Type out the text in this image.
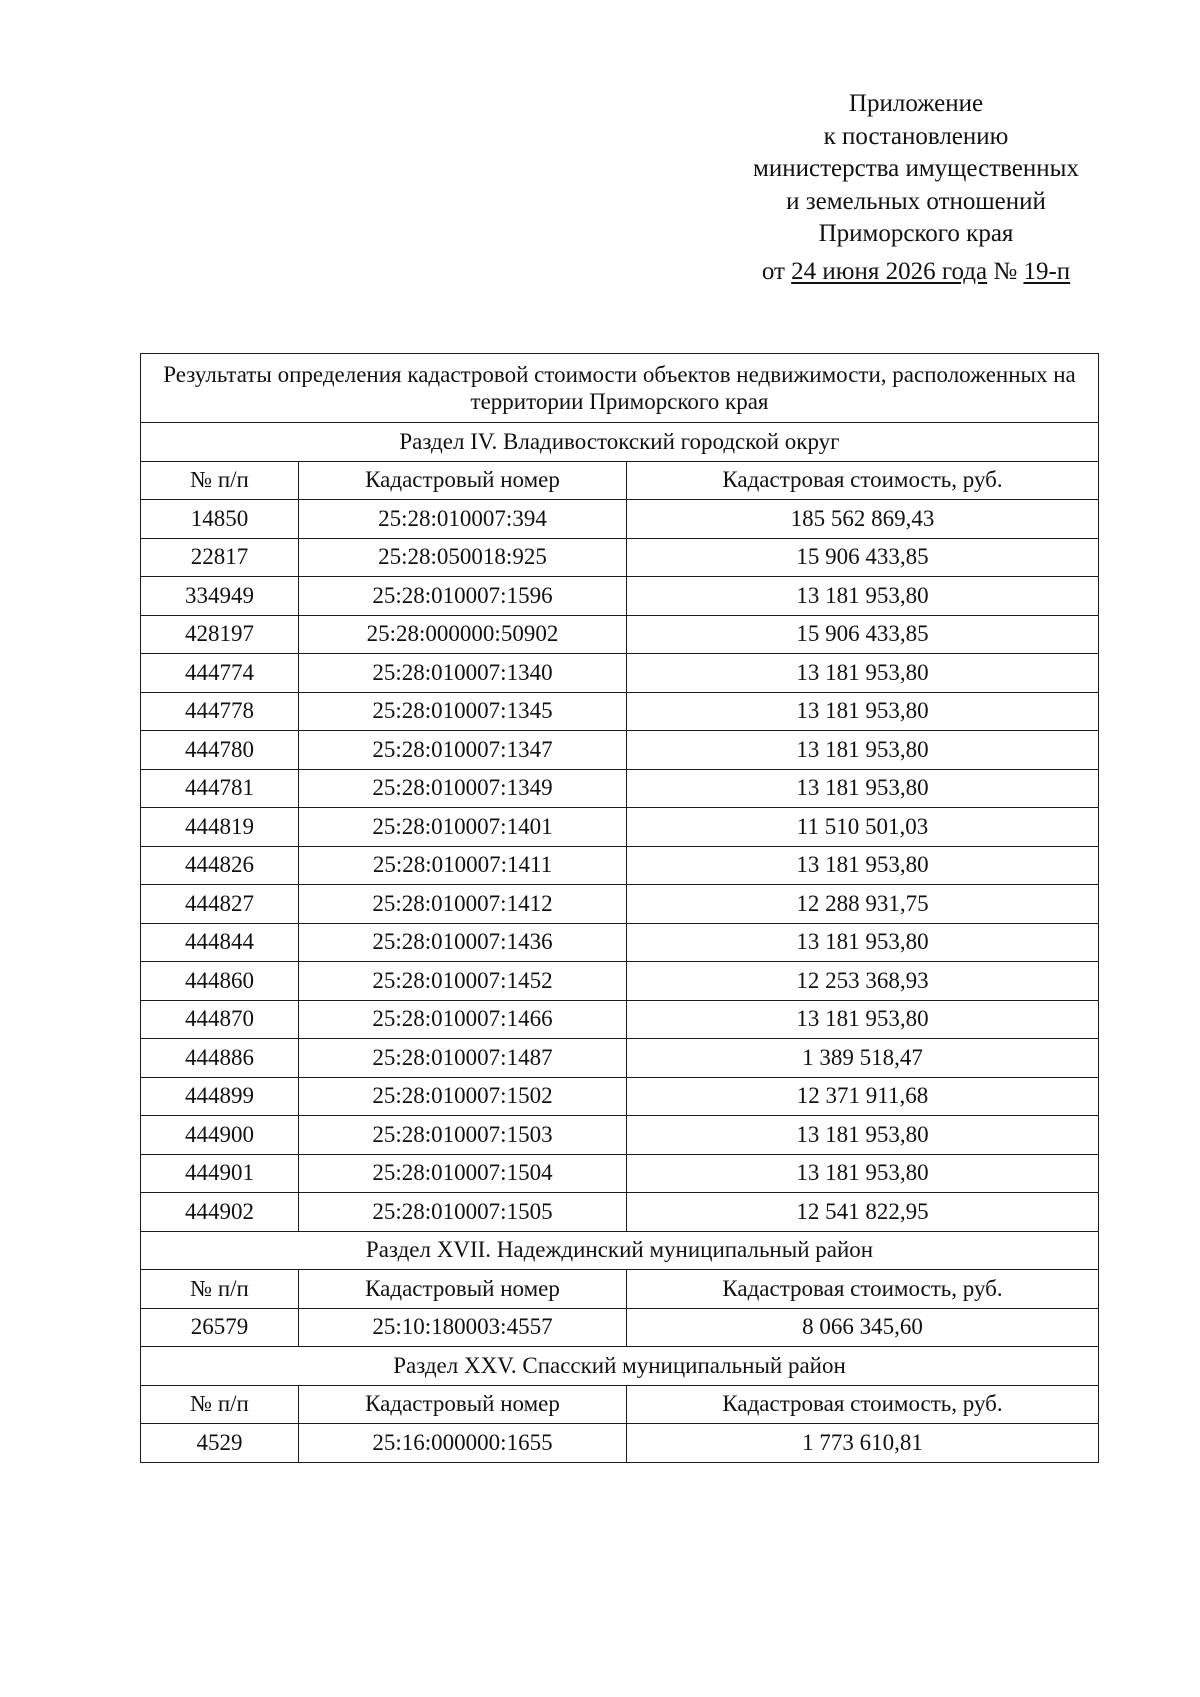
Приложение
к постановлению
министерства имущественных
и земельных отношений
Приморского края
от 24 июня 2026 года № 19-п
Результаты определения кадастровой стоимости объектов недвижимости, расположенных на территории Приморского края		
Раздел IV. Владивостокский городской округ		
№ п/п	Кадастровый номер	Кадастровая стоимость, руб.
14850	25:28:010007:394	185 562 869,43
22817	25:28:050018:925	15 906 433,85
334949	25:28:010007:1596	13 181 953,80
428197	25:28:000000:50902	15 906 433,85
444774	25:28:010007:1340	13 181 953,80
444778	25:28:010007:1345	13 181 953,80
444780	25:28:010007:1347	13 181 953,80
444781	25:28:010007:1349	13 181 953,80
444819	25:28:010007:1401	11 510 501,03
444826	25:28:010007:1411	13 181 953,80
444827	25:28:010007:1412	12 288 931,75
444844	25:28:010007:1436	13 181 953,80
444860	25:28:010007:1452	12 253 368,93
444870	25:28:010007:1466	13 181 953,80
444886	25:28:010007:1487	1 389 518,47
444899	25:28:010007:1502	12 371 911,68
444900	25:28:010007:1503	13 181 953,80
444901	25:28:010007:1504	13 181 953,80
444902	25:28:010007:1505	12 541 822,95
Раздел XVII. Надеждинский муниципальный район		
№ п/п	Кадастровый номер	Кадастровая стоимость, руб.
26579	25:10:180003:4557	8 066 345,60
Раздел XXV. Спасский муниципальный район		
№ п/п	Кадастровый номер	Кадастровая стоимость, руб.
4529	25:16:000000:1655	1 773 610,81
